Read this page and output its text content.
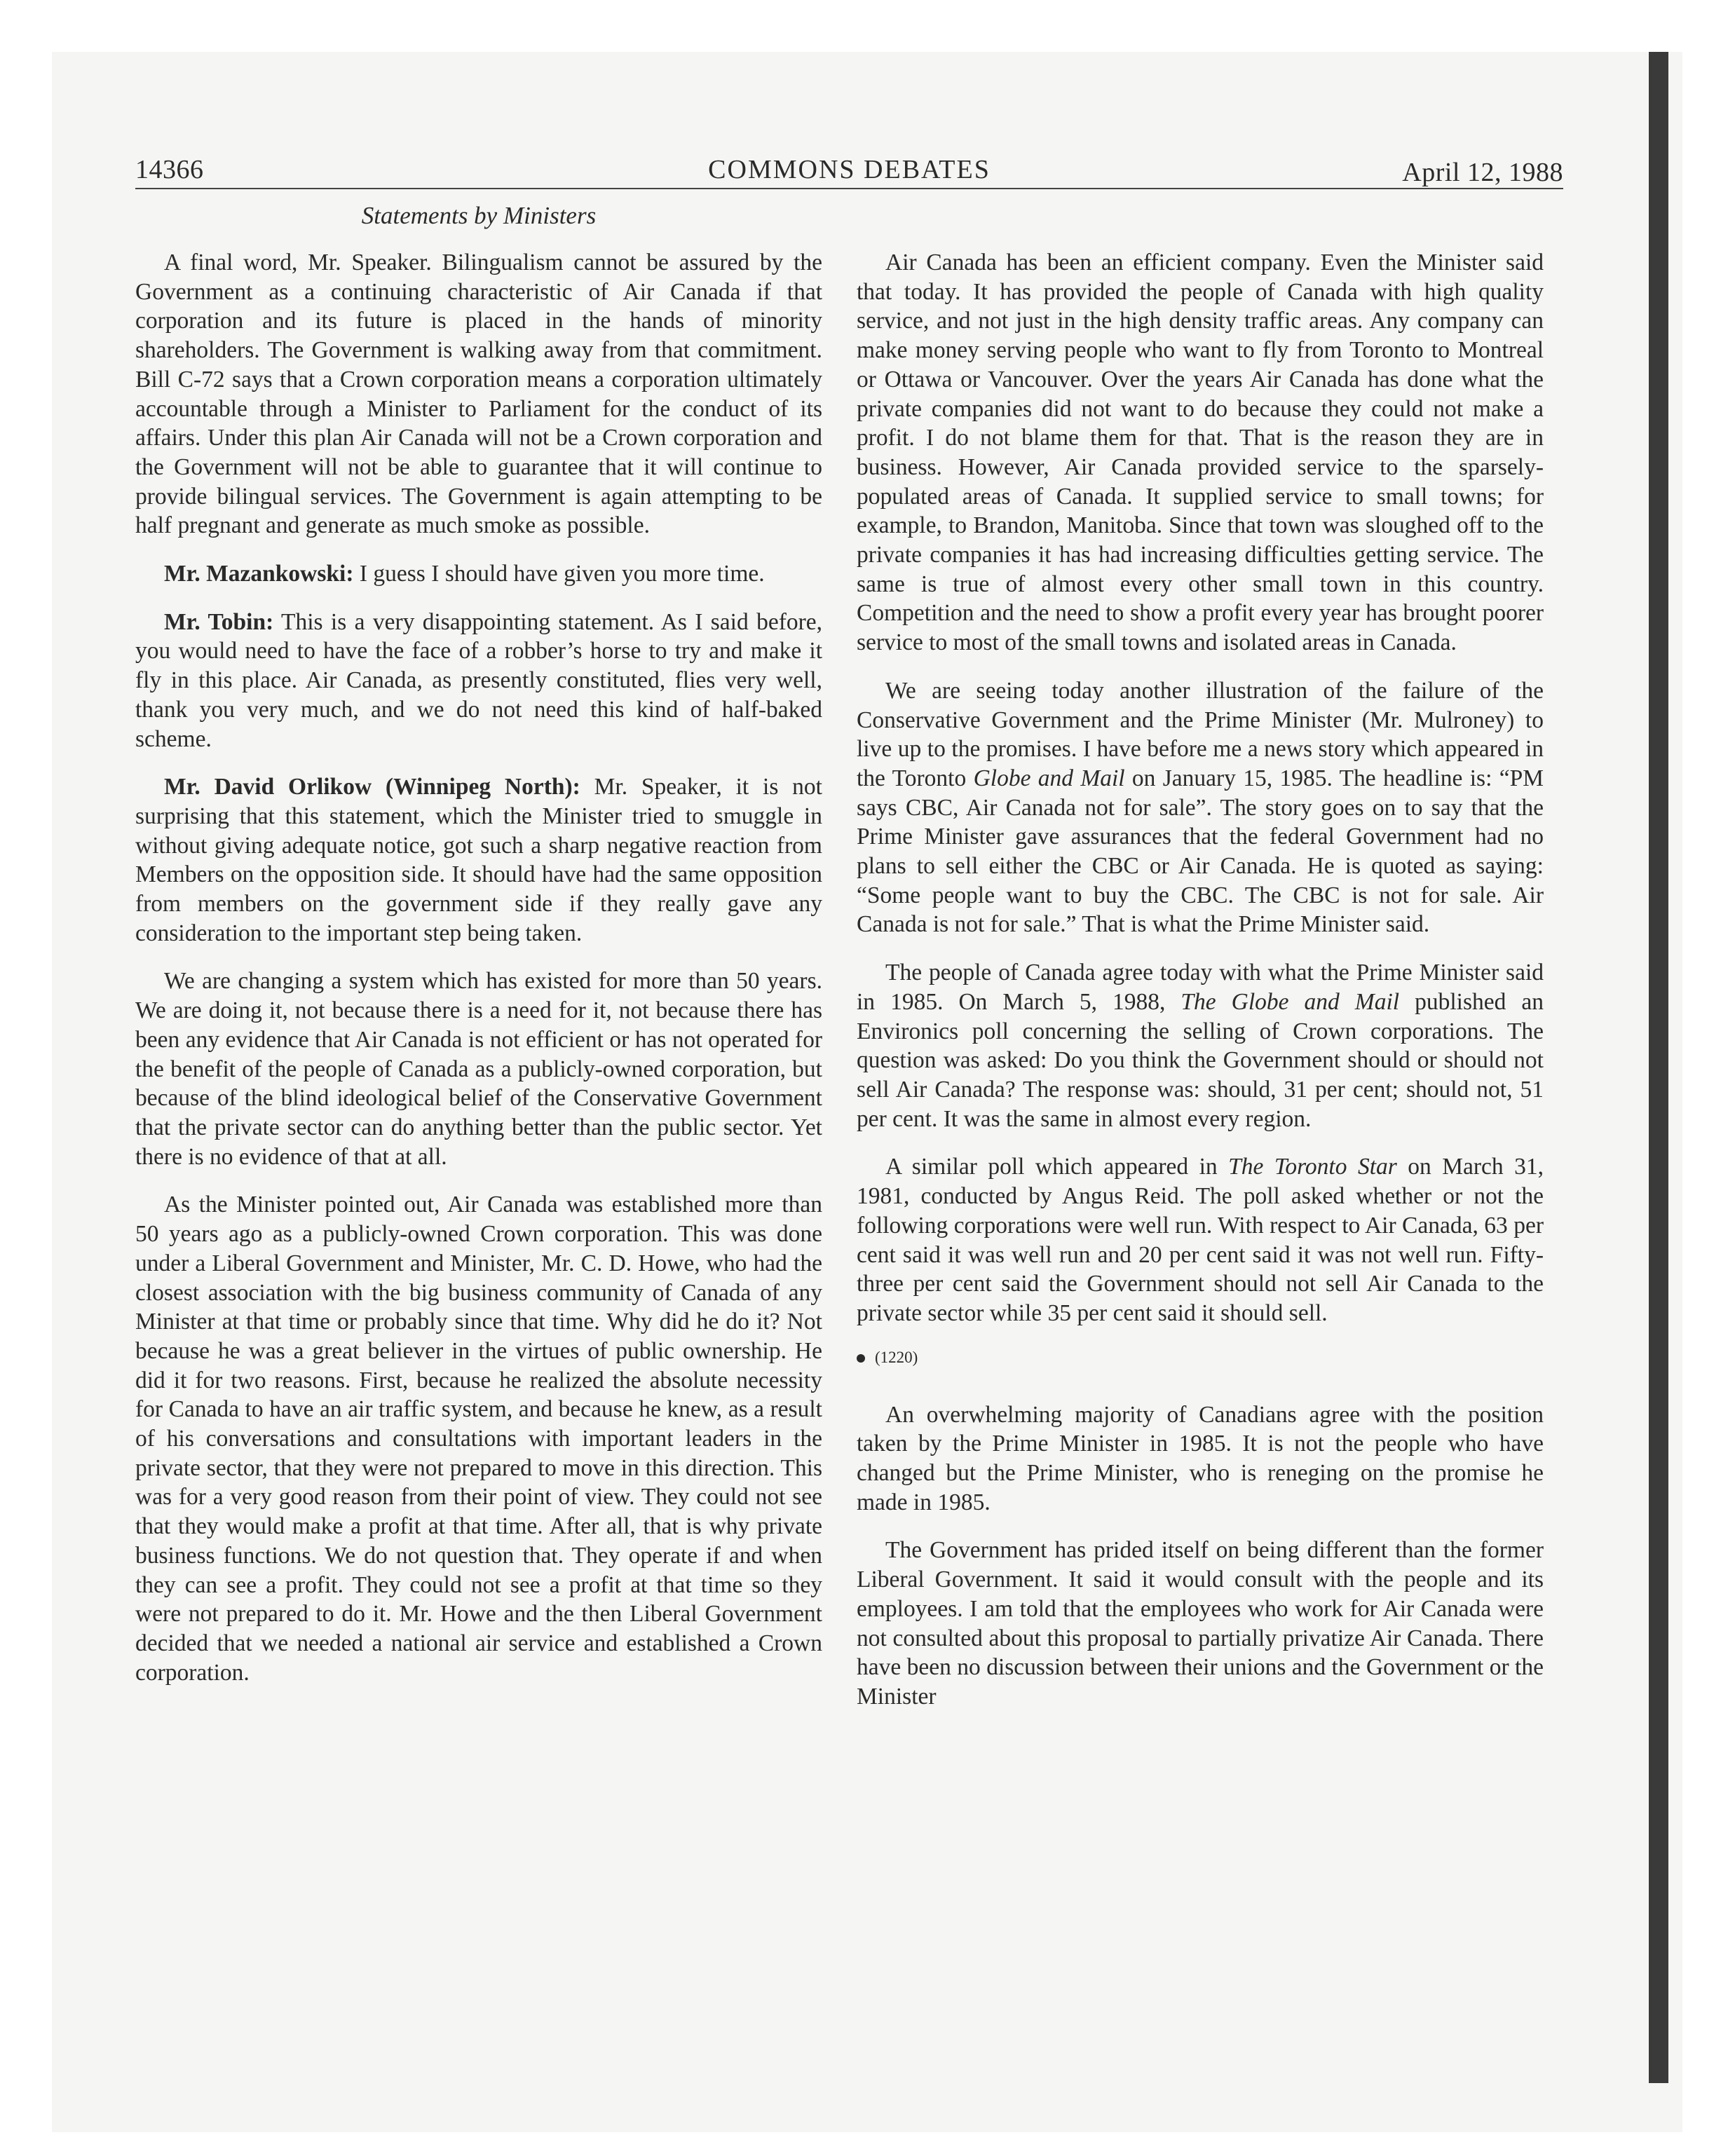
14366	COMMONS DEBATES	April 12, 1988
Statements by Ministers

A final word, Mr. Speaker. Bilingualism cannot be assured by the Government as a continuing characteristic of Air Canada if that corporation and its future is placed in the hands of minority shareholders. The Government is walking away from that commitment. Bill C-72 says that a Crown corporation means a corporation ultimately accountable through a Minister to Parliament for the conduct of its affairs. Under this plan Air Canada will not be a Crown corporation and the Government will not be able to guarantee that it will continue to provide bilingual services. The Government is again attempting to be half pregnant and generate as much smoke as possible.

Mr. Mazankowski: I guess I should have given you more time.

Mr. Tobin: This is a very disappointing statement. As I said before, you would need to have the face of a robber’s horse to try and make it fly in this place. Air Canada, as presently constituted, flies very well, thank you very much, and we do not need this kind of half-baked scheme.

Mr. David Orlikow (Winnipeg North): Mr. Speaker, it is not surprising that this statement, which the Minister tried to smuggle in without giving adequate notice, got such a sharp negative reaction from Members on the opposition side. It should have had the same opposition from members on the government side if they really gave any consideration to the important step being taken.

We are changing a system which has existed for more than 50 years. We are doing it, not because there is a need for it, not because there has been any evidence that Air Canada is not efficient or has not operated for the benefit of the people of Canada as a publicly-owned corporation, but because of the blind ideological belief of the Conservative Government that the private sector can do anything better than the public sector. Yet there is no evidence of that at all.

As the Minister pointed out, Air Canada was established more than 50 years ago as a publicly-owned Crown corporation. This was done under a Liberal Government and Minister, Mr. C. D. Howe, who had the closest association with the big business community of Canada of any Minister at that time or probably since that time. Why did he do it? Not because he was a great believer in the virtues of public ownership. He did it for two reasons. First, because he realized the absolute necessity for Canada to have an air traffic system, and because he knew, as a result of his conversations and consultations with important leaders in the private sector, that they were not prepared to move in this direction. This was for a very good reason from their point of view. They could not see that they would make a profit at that time. After all, that is why private business functions. We do not question that. They operate if and when they can see a profit. They could not see a profit at that time so they were not prepared to do it. Mr. Howe and the then Liberal Government decided that we needed a national air service and established a Crown corporation.

Air Canada has been an efficient company. Even the Minister said that today. It has provided the people of Canada with high quality service, and not just in the high density traffic areas. Any company can make money serving people who want to fly from Toronto to Montreal or Ottawa or Vancouver. Over the years Air Canada has done what the private companies did not want to do because they could not make a profit. I do not blame them for that. That is the reason they are in business. However, Air Canada provided service to the sparsely-populated areas of Canada. It supplied service to small towns; for example, to Brandon, Manitoba. Since that town was sloughed off to the private companies it has had increasing difficulties getting service. The same is true of almost every other small town in this country. Competition and the need to show a profit every year has brought poorer service to most of the small towns and isolated areas in Canada.

We are seeing today another illustration of the failure of the Conservative Government and the Prime Minister (Mr. Mulroney) to live up to the promises. I have before me a news story which appeared in the Toronto Globe and Mail on January 15, 1985. The headline is: “PM says CBC, Air Canada not for sale”. The story goes on to say that the Prime Minister gave assurances that the federal Government had no plans to sell either the CBC or Air Canada. He is quoted as saying: “Some people want to buy the CBC. The CBC is not for sale. Air Canada is not for sale.” That is what the Prime Minister said.

The people of Canada agree today with what the Prime Minister said in 1985. On March 5, 1988, The Globe and Mail published an Environics poll concerning the selling of Crown corporations. The question was asked: Do you think the Government should or should not sell Air Canada? The response was: should, 31 per cent; should not, 51 per cent. It was the same in almost every region.

A similar poll which appeared in The Toronto Star on March 31, 1981, conducted by Angus Reid. The poll asked whether or not the following corporations were well run. With respect to Air Canada, 63 per cent said it was well run and 20 per cent said it was not well run. Fifty-three per cent said the Government should not sell Air Canada to the private sector while 35 per cent said it should sell.

(1220)

An overwhelming majority of Canadians agree with the position taken by the Prime Minister in 1985. It is not the people who have changed but the Prime Minister, who is reneging on the promise he made in 1985.

The Government has prided itself on being different than the former Liberal Government. It said it would consult with the people and its employees. I am told that the employees who work for Air Canada were not consulted about this proposal to partially privatize Air Canada. There have been no discussion between their unions and the Government or the Minister
